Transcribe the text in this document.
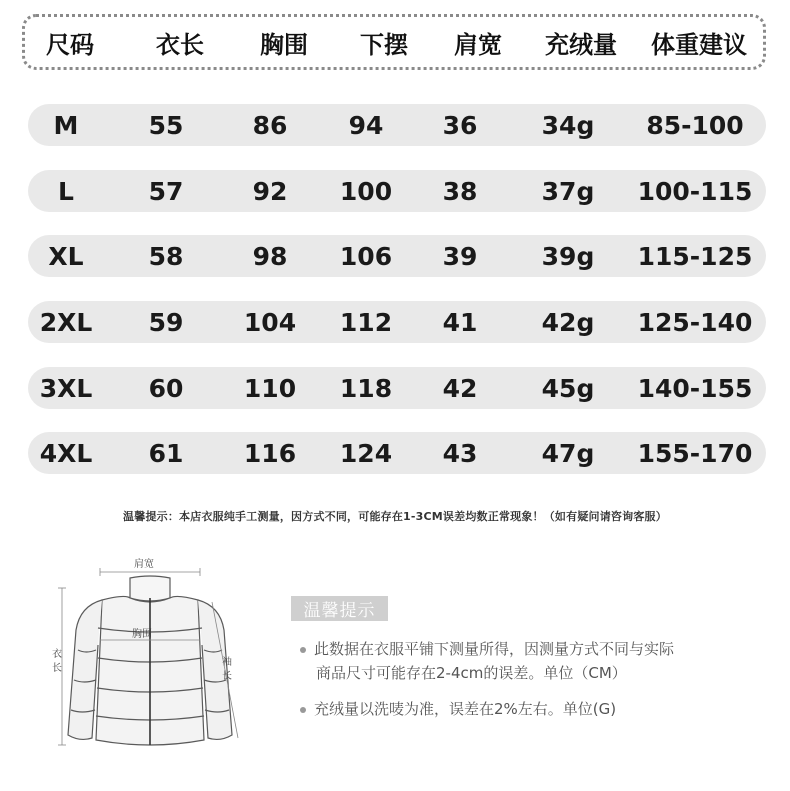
尺码	衣长	胸围	下摆	肩宽	充绒量	体重建议
M	55	86	94	36	34g	85-100
L	57	92	100	38	37g	100-115
XL	58	98	106	39	39g	115-125
2XL	59	104	112	41	42g	125-140
3XL	60	110	118	42	45g	140-155
4XL	61	116	124	43	47g	155-170
温馨提示：本店衣服纯手工测量，因方式不同，可能存在1-3CM误差均数正常现象！（如有疑问请咨询客服）
肩宽
胸围
衣
长
袖
长
温馨提示
此数据在衣服平铺下测量所得，因测量方式不同与实际
商品尺寸可能存在2-4cm的误差。单位（CM）
充绒量以洗唛为准，误差在2%左右。单位(G)
